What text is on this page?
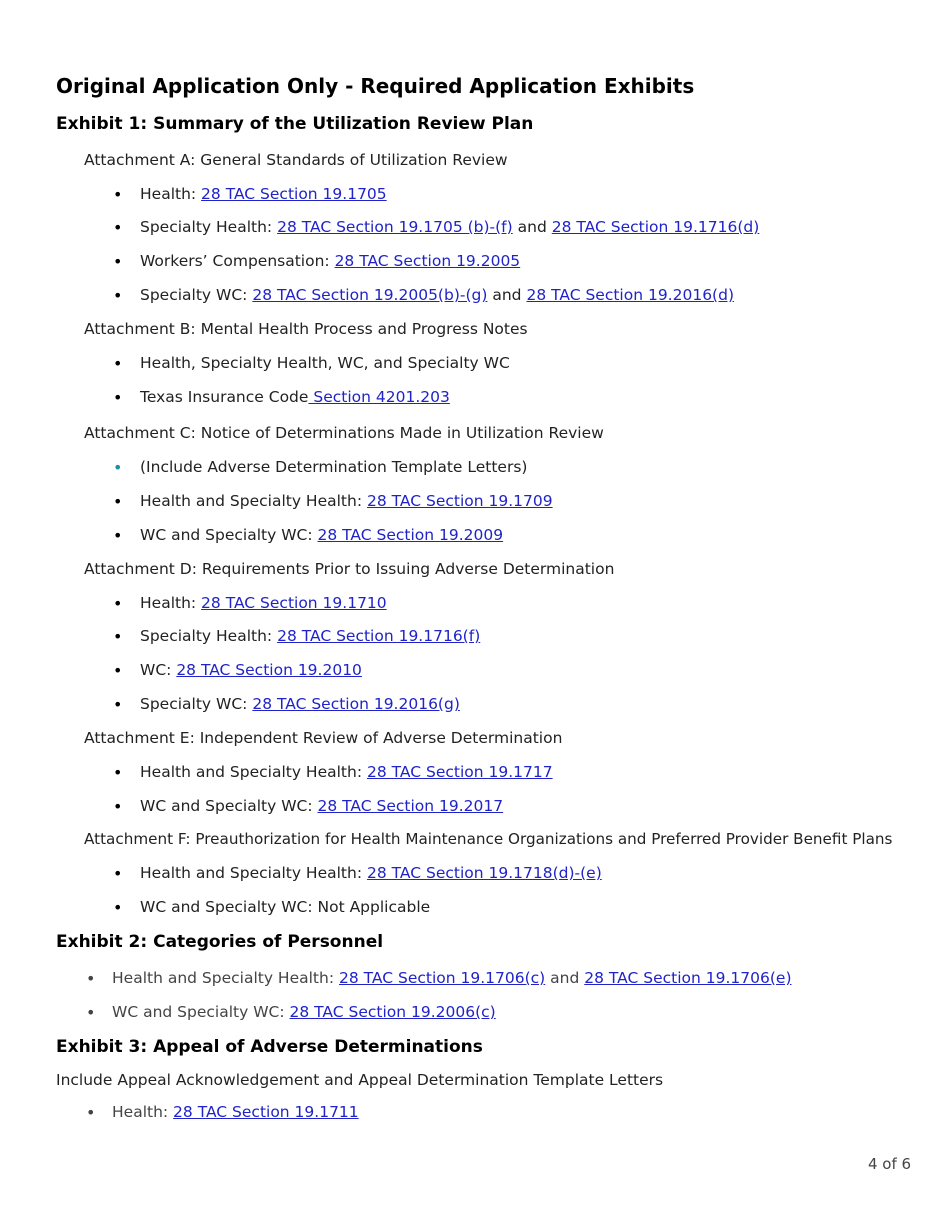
Original Application Only - Required Application Exhibits
Exhibit 1: Summary of the Utilization Review Plan
Attachment A: General Standards of Utilization Review
• Health: 28 TAC Section 19.1705
• Specialty Health: 28 TAC Section 19.1705 (b)-(f) and 28 TAC Section 19.1716(d)
• Workers’ Compensation: 28 TAC Section 19.2005
• Specialty WC: 28 TAC Section 19.2005(b)-(g) and 28 TAC Section 19.2016(d)
Attachment B: Mental Health Process and Progress Notes
• Health, Specialty Health, WC, and Specialty WC
• Texas Insurance Code Section 4201.203
Attachment C: Notice of Determinations Made in Utilization Review
• (Include Adverse Determination Template Letters)
• Health and Specialty Health: 28 TAC Section 19.1709
• WC and Specialty WC: 28 TAC Section 19.2009
Attachment D: Requirements Prior to Issuing Adverse Determination
• Health: 28 TAC Section 19.1710
• Specialty Health: 28 TAC Section 19.1716(f)
• WC: 28 TAC Section 19.2010
• Specialty WC: 28 TAC Section 19.2016(g)
Attachment E: Independent Review of Adverse Determination
• Health and Specialty Health: 28 TAC Section 19.1717
• WC and Specialty WC: 28 TAC Section 19.2017
Attachment F: Preauthorization for Health Maintenance Organizations and Preferred Provider Benefit Plans
• Health and Specialty Health: 28 TAC Section 19.1718(d)-(e)
• WC and Specialty WC: Not Applicable
Exhibit 2: Categories of Personnel
• Health and Specialty Health: 28 TAC Section 19.1706(c) and 28 TAC Section 19.1706(e)
• WC and Specialty WC: 28 TAC Section 19.2006(c)
Exhibit 3: Appeal of Adverse Determinations
Include Appeal Acknowledgement and Appeal Determination Template Letters
• Health: 28 TAC Section 19.1711
4 of 6
